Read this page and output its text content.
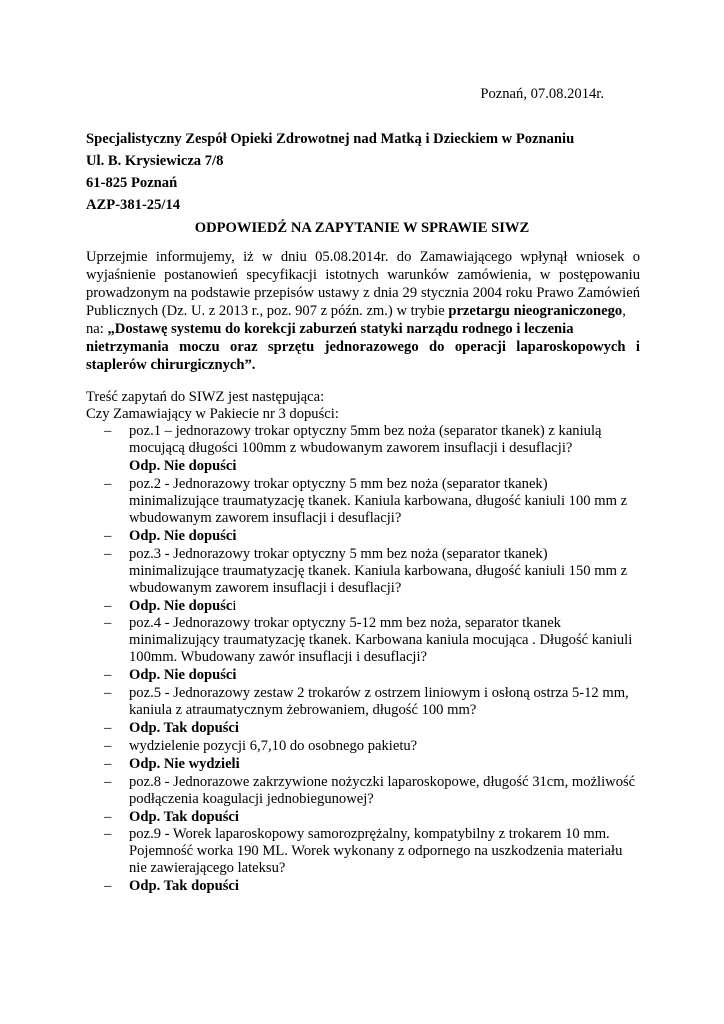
Poznań, 07.08.2014r.
Specjalistyczny Zespół Opieki Zdrowotnej nad Matką i Dzieckiem w Poznaniu
Ul. B. Krysiewicza 7/8
61-825 Poznań
AZP-381-25/14
ODPOWIEDŹ NA ZAPYTANIE W SPRAWIE SIWZ
Uprzejmie informujemy, iż w dniu 05.08.2014r. do Zamawiającego wpłynął wniosek o
wyjaśnienie postanowień specyfikacji istotnych warunków zamówienia, w postępowaniu
prowadzonym na podstawie przepisów ustawy z dnia 29 stycznia 2004 roku Prawo Zamówień
Publicznych (Dz. U. z 2013 r., poz. 907 z późn. zm.) w trybie przetargu nieograniczonego,
na: „Dostawę systemu do korekcji zaburzeń statyki narządu rodnego i leczenia
nietrzymania moczu oraz sprzętu jednorazowego do operacji laparoskopowych i
staplerów chirurgicznych”.
Treść zapytań do SIWZ jest następująca:
Czy Zamawiający w Pakiecie nr 3 dopuści:
– poz.1 – jednorazowy trokar optyczny 5mm bez noża (separator tkanek) z kaniulą
mocującą długości 100mm z wbudowanym zaworem insuflacji i desuflacji?
Odp. Nie dopuści
– poz.2 - Jednorazowy trokar optyczny 5 mm bez noża (separator tkanek)
minimalizujące traumatyzację tkanek. Kaniula karbowana, długość kaniuli 100 mm z
wbudowanym zaworem insuflacji i desuflacji?
– Odp. Nie dopuści
– poz.3 - Jednorazowy trokar optyczny 5 mm bez noża (separator tkanek)
minimalizujące traumatyzację tkanek. Kaniula karbowana, długość kaniuli 150 mm z
wbudowanym zaworem insuflacji i desuflacji?
– Odp. Nie dopuści
– poz.4 - Jednorazowy trokar optyczny 5-12 mm bez noża, separator tkanek
minimalizujący traumatyzację tkanek. Karbowana kaniula mocująca . Długość kaniuli
100mm. Wbudowany zawór insuflacji i desuflacji?
– Odp. Nie dopuści
– poz.5 - Jednorazowy zestaw 2 trokarów z ostrzem liniowym i osłoną ostrza 5-12 mm,
kaniula z atraumatycznym żebrowaniem, długość 100 mm?
– Odp. Tak dopuści
– wydzielenie pozycji 6,7,10 do osobnego pakietu?
– Odp. Nie wydzieli
– poz.8 - Jednorazowe zakrzywione nożyczki laparoskopowe, długość 31cm, możliwość
podłączenia koagulacji jednobiegunowej?
– Odp. Tak dopuści
– poz.9 - Worek laparoskopowy samorozprężalny, kompatybilny z trokarem 10 mm.
Pojemność worka 190 ML. Worek wykonany z odpornego na uszkodzenia materiału
nie zawierającego lateksu?
– Odp. Tak dopuści
